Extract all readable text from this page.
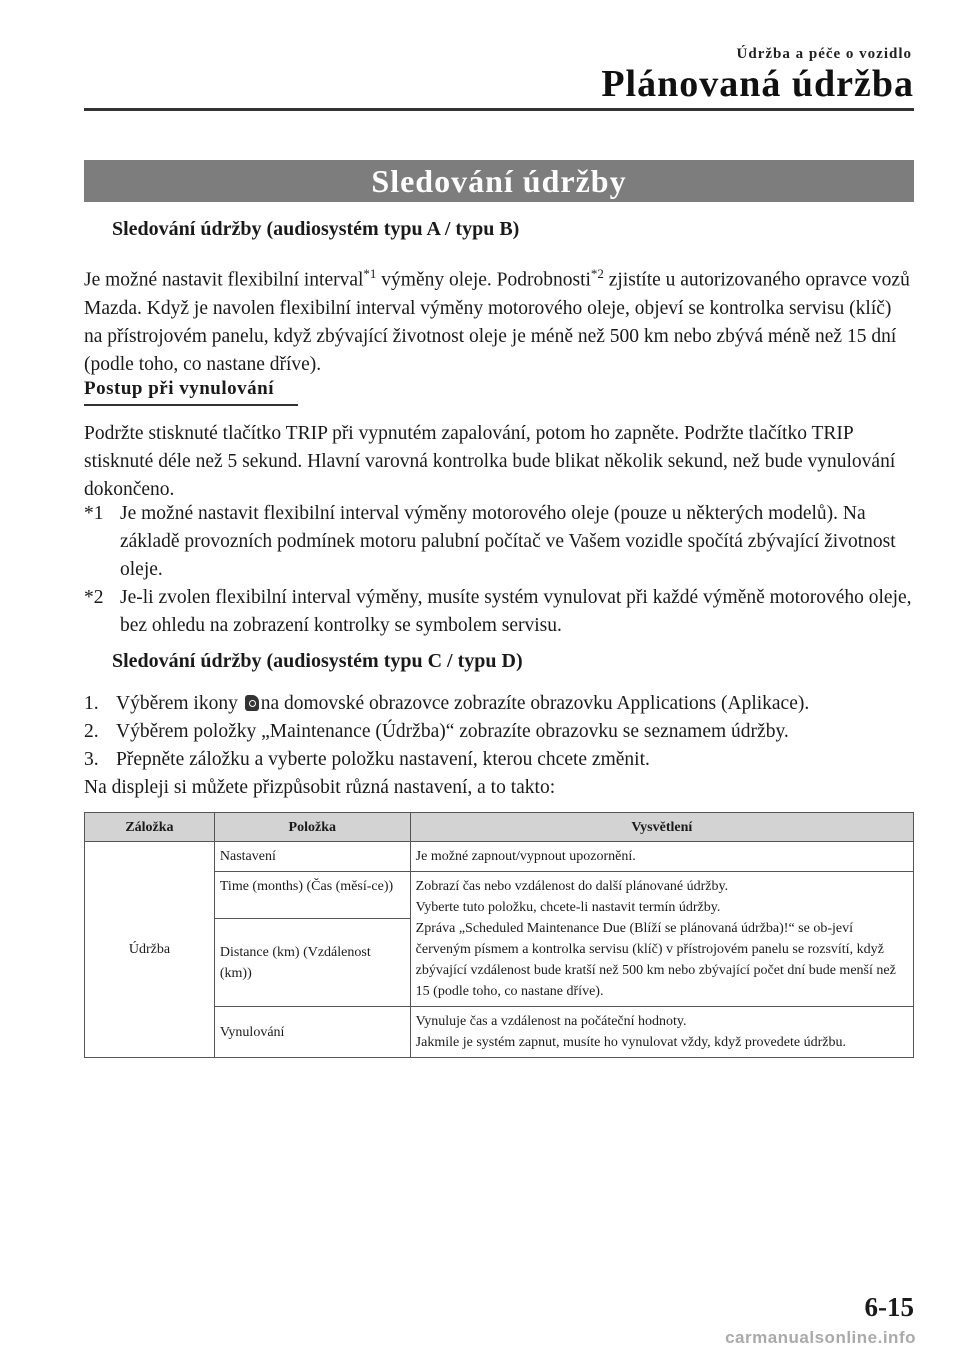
Údržba a péče o vozidlo
Plánovaná údržba
Sledování údržby
Sledování údržby (audiosystém typu A / typu B)
Je možné nastavit flexibilní interval$^{*1}$ výměny oleje. Podrobnosti$^{*2}$ zjistíte u autorizovaného opravce vozů Mazda. Když je navolen flexibilní interval výměny motorového oleje, objeví se kontrolka servisu (klíč) na přístrojovém panelu, když zbývající životnost oleje je méně než 500 km nebo zbývá méně než 15 dní (podle toho, co nastane dříve).
Postup při vynulování
Podržte stisknuté tlačítko TRIP při vypnutém zapalování, potom ho zapněte. Podržte tlačítko TRIP stisknuté déle než 5 sekund. Hlavní varovná kontrolka bude blikat několik sekund, než bude vynulování dokončeno.
*1 Je možné nastavit flexibilní interval výměny motorového oleje (pouze u některých modelů). Na základě provozních podmínek motoru palubní počítač ve Vašem vozidle spočítá zbývající životnost oleje.
*2 Je-li zvolen flexibilní interval výměny, musíte systém vynulovat při každé výměně motorového oleje, bez ohledu na zobrazení kontrolky se symbolem servisu.
Sledování údržby (audiosystém typu C / typu D)
1. Výběrem ikony na domovské obrazovce zobrazíte obrazovku Applications (Aplikace).
2. Výběrem položky „Maintenance (Údržba)“ zobrazíte obrazovku se seznamem údržby.
3. Přepněte záložku a vyberte položku nastavení, kterou chcete změnit.
Na displeji si můžete přizpůsobit různá nastavení, a to takto:
Záložka	Položka	Vysvětlení
Údržba	Nastavení	Je možné zapnout/vypnout upozornění.
	Time (months) (Čas (měsí-ce))	Zobrazí čas nebo vzdálenost do další plánované údržby.
Vyberte tuto položku, chcete-li nastavit termín údržby.
Zpráva „Scheduled Maintenance Due (Blíží se plánovaná údržba)!“ se ob-jeví červeným písmem a kontrolka servisu (klíč) v přístrojovém panelu se rozsvítí, když zbývající vzdálenost bude kratší než 500 km nebo zbývající počet dní bude menší než 15 (podle toho, co nastane dříve).

	Distance (km) (Vzdálenost (km))	
	Vynulování	Vynuluje čas a vzdálenost na počáteční hodnoty.
Jakmile je systém zapnut, musíte ho vynulovat vždy, když provedete údržbu.
6-15
carmanualsonline.info
